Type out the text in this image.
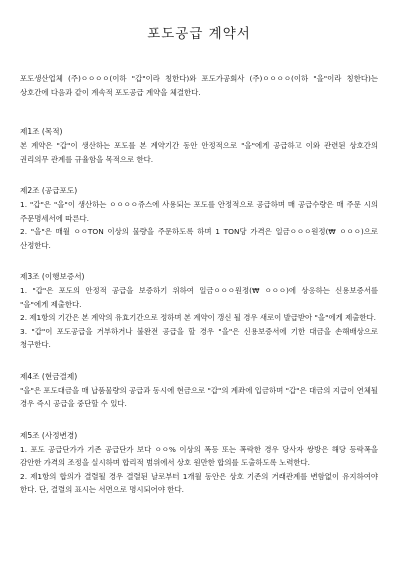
포도공급 계약서

포도생산업체 (주)ㅇㅇㅇㅇ(이하 "갑"이라 칭한다)와 포도가공회사 (주)ㅇㅇㅇㅇ(이하 "을"이라 칭한다)는 상호간에 다음과 같이 계속적 포도공급 계약을 체결한다.

제1조 (목적)

본 계약은 "갑"이 생산하는 포도를 본 계약기간 동안 안정적으로 "을"에게 공급하고 이와 관련된 상호간의 권리의무 관계를 규율함을 목적으로 한다.

제2조 (공급포도)

1. "갑"은 "을"이 생산하는 ㅇㅇㅇㅇ쥬스에 사용되는 포도를 안정적으로 공급하며 매 공급수량은 매 주문 시의 주문명세서에 따른다.

2. "을"은 매월 ㅇㅇTON 이상의 물량을 주문하도록 하며 1 TON당 가격은 일금ㅇㅇㅇ원정(₩ ㅇㅇㅇ)으로 산정한다.

제3조 (이행보증서)

1. "갑"은 포도의 안정적 공급을 보증하기 위하여 일금ㅇㅇㅇ원정(₩ ㅇㅇㅇ)에 상응하는 신용보증서를 "을"에게 제출한다.

2. 제1항의 기간은 본 계약의 유효기간으로 정하며 본 계약이 갱신 될 경우 새로이 발급받아 "을"에게 제출한다.

3. "갑"이 포도공급을 거부하거나 불완전 공급을 할 경우 "을"은 신용보증서에 기한 대금을 손해배상으로 청구한다.

제4조 (현금결제)

"을"은 포도대금을 매 납품물량의 공급과 동시에 현금으로 "갑"의 계좌에 입금하며 "갑"은 대금의 지급이 연체될 경우 즉시 공급을 중단할 수 있다.

제5조 (사정변경)

1. 포도 공급단가가 기존 공급단가 보다 ㅇㅇ% 이상의 폭등 또는 폭락한 경우 당사자 쌍방은 해당 등락폭을 감안한 가격의 조정을 실시하며 합리적 범위에서 상호 원만한 합의를 도출하도록 노력한다.

2. 제1항의 합의가 결렬될 경우 결렬된 날로부터 1개월 동안은 상호 기존의 거래관계를 변함없이 유지하여야 한다. 단, 결렬의 표시는 서면으로 명시되어야 한다.
